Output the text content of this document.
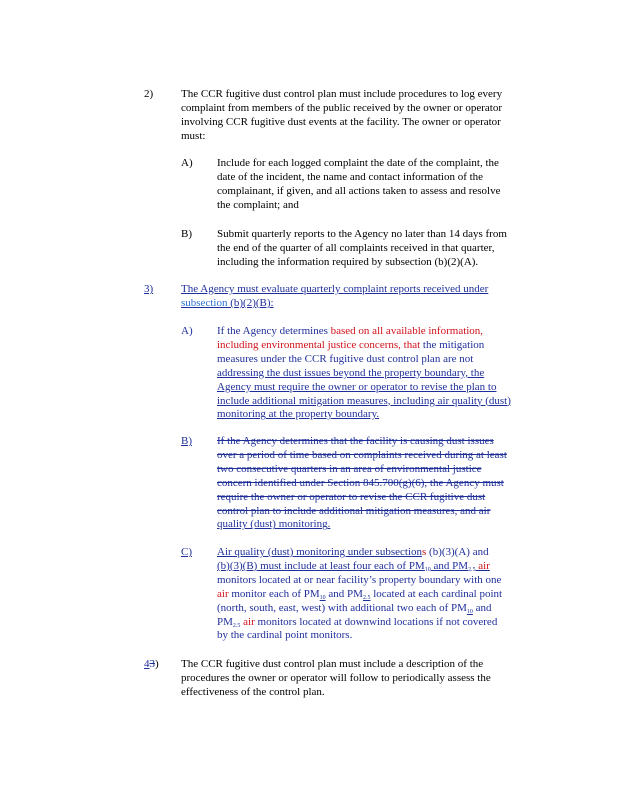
2)	The CCR fugitive dust control plan must include procedures to log every
complaint from members of the public received by the owner or operator
involving CCR fugitive dust events at the facility. The owner or operator
must:
A) Include for each logged complaint the date of the complaint, the
date of the incident, the name and contact information of the
complainant, if given, and all actions taken to assess and resolve
the complaint; and
B) Submit quarterly reports to the Agency no later than 14 days from
the end of the quarter of all complaints received in that quarter,
including the information required by subsection (b)(2)(A).
3)	The Agency must evaluate quarterly complaint reports received under
subsection (b)(2)(B):
A) If the Agency determines based on all available information,
including environmental justice concerns, that the mitigation
measures under the CCR fugitive dust control plan are not
addressing the dust issues beyond the property boundary, the
Agency must require the owner or operator to revise the plan to
include additional mitigation measures, including air quality (dust)
monitoring at the property boundary.
B) If the Agency determines that the facility is causing dust issues
over a period of time based on complaints received during at least
two consecutive quarters in an area of environmental justice
concern identified under Section 845.700(g)(6), the Agency must
require the owner or operator to revise the CCR fugitive dust
control plan to include additional mitigation measures, and air
quality (dust) monitoring.
C) Air quality (dust) monitoring under subsections (b)(3)(A) and
(b)(3)(B) must include at least four each of $PM_{10}$ and $PM_{2.5}$ air
monitors located at or near facility’s property boundary with one
air monitor each of $PM_{10}$ and $PM_{2.5}$ located at each cardinal point
(north, south, east, west) with additional two each of $PM_{10}$ and
$PM_{2.5}$ air monitors located at downwind locations if not covered
by the cardinal point monitors.
43) The CCR fugitive dust control plan must include a description of the
procedures the owner or operator will follow to periodically assess the
effectiveness of the control plan.
